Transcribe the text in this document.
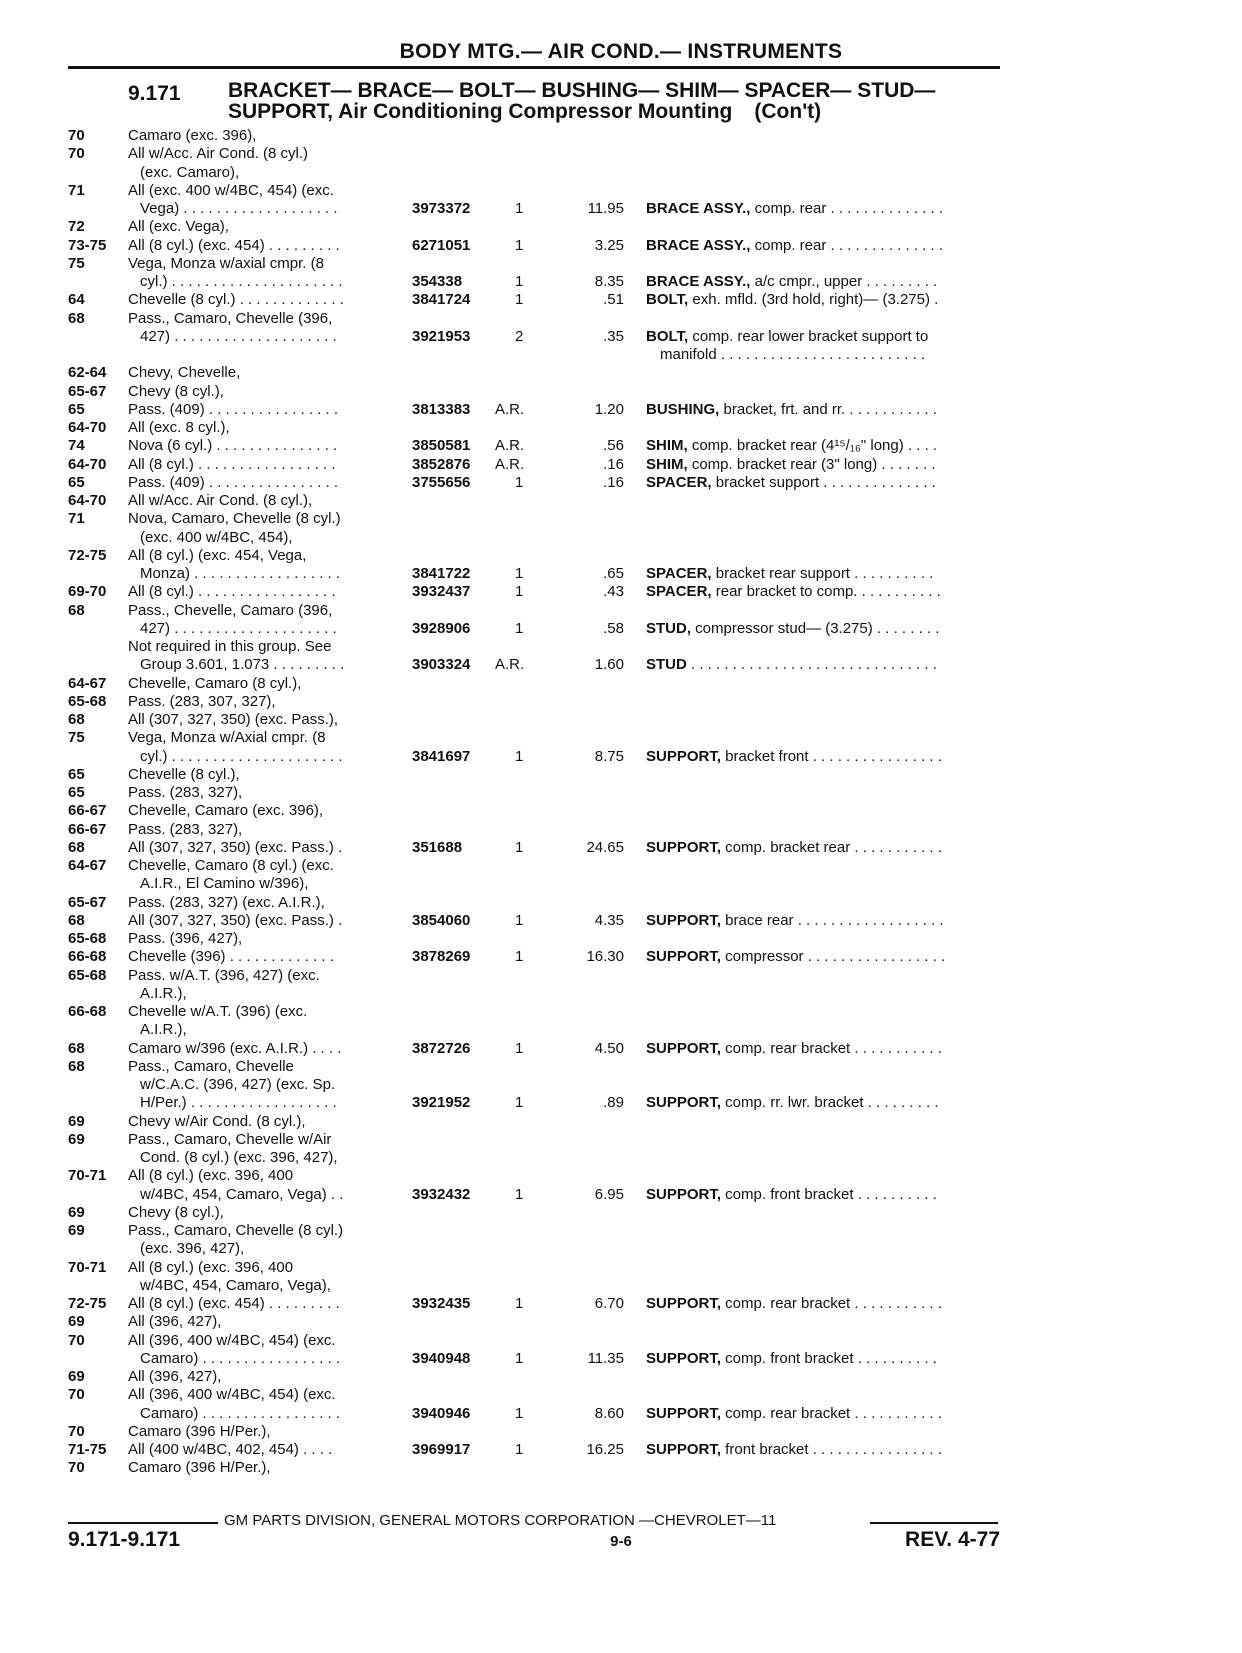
BODY MTG.— AIR COND.— INSTRUMENTS
9.171 BRACKET— BRACE— BOLT— BUSHING— SHIM— SPACER— STUD—
SUPPORT, Air Conditioning Compressor Mounting (Con't)
70	Camaro (exc. 396),
70	All w/Acc. Air Cond. (8 cyl.)
(exc. Camaro),
71	All (exc. 400 w/4BC, 454) (exc.
Vega) . . . . . . . . . . . . . . . . . . .	3973372	1	11.95 BRACE ASSY., comp. rear . . . . . . . . . . . . . .
72	All (exc. Vega),
73-75 All (8 cyl.) (exc. 454) . . . . . . . . .	6271051	1	3.25 BRACE ASSY., comp. rear . . . . . . . . . . . . . .
75	Vega, Monza w/axial cmpr. (8
cyl.) . . . . . . . . . . . . . . . . . . . . .	354338	1	8.35 BRACE ASSY., a/c cmpr., upper . . . . . . . . .
64	Chevelle (8 cyl.) . . . . . . . . . . . . .	3841724	1	.51 BOLT, exh. mfld. (3rd hold, right)— (3.275) .
68	Pass., Camaro, Chevelle (396,
427) . . . . . . . . . . . . . . . . . . . .	3921953	2	.35 BOLT, comp. rear lower bracket support to
manifold . . . . . . . . . . . . . . . . . . . . . . . . .
62-64 Chevy, Chevelle,
65-67 Chevy (8 cyl.),
65	Pass. (409) . . . . . . . . . . . . . . . .	3813383 A.R.	1.20 BUSHING, bracket, frt. and rr. . . . . . . . . . . .
64-70 All (exc. 8 cyl.),
74	Nova (6 cyl.) . . . . . . . . . . . . . . .	3850581 A.R.	.56 SHIM, comp. bracket rear (4¹⁵/₁₆" long) . . . .
64-70 All (8 cyl.) . . . . . . . . . . . . . . . . .	3852876 A.R.	.16 SHIM, comp. bracket rear (3" long) . . . . . . .
65	Pass. (409) . . . . . . . . . . . . . . . .	3755656	1	.16 SPACER, bracket support . . . . . . . . . . . . . .
64-70 All w/Acc. Air Cond. (8 cyl.),
71	Nova, Camaro, Chevelle (8 cyl.)
(exc. 400 w/4BC, 454),
72-75 All (8 cyl.) (exc. 454, Vega,
Monza) . . . . . . . . . . . . . . . . . .	3841722	1	.65 SPACER, bracket rear support . . . . . . . . . .
69-70 All (8 cyl.) . . . . . . . . . . . . . . . . .	3932437	1	.43 SPACER, rear bracket to comp. . . . . . . . . . .
68	Pass., Chevelle, Camaro (396,
427) . . . . . . . . . . . . . . . . . . . .	3928906	1	.58 STUD, compressor stud— (3.275) . . . . . . . .
Not required in this group. See
Group 3.601, 1.073 . . . . . . . . .	3903324 A.R.	1.60 STUD . . . . . . . . . . . . . . . . . . . . . . . . . . . . . .
64-67 Chevelle, Camaro (8 cyl.),
65-68 Pass. (283, 307, 327),
68	All (307, 327, 350) (exc. Pass.),
75	Vega, Monza w/Axial cmpr. (8
cyl.) . . . . . . . . . . . . . . . . . . . . .	3841697	1	8.75 SUPPORT, bracket front . . . . . . . . . . . . . . . .
65	Chevelle (8 cyl.),
65	Pass. (283, 327),
66-67 Chevelle, Camaro (exc. 396),
66-67 Pass. (283, 327),
68	All (307, 327, 350) (exc. Pass.) .	351688	1	24.65 SUPPORT, comp. bracket rear . . . . . . . . . . .
64-67 Chevelle, Camaro (8 cyl.) (exc.
A.I.R., El Camino w/396),
65-67 Pass. (283, 327) (exc. A.I.R.),
68	All (307, 327, 350) (exc. Pass.) .	3854060	1	4.35 SUPPORT, brace rear . . . . . . . . . . . . . . . . . .
65-68 Pass. (396, 427),
66-68 Chevelle (396) . . . . . . . . . . . . .	3878269	1	16.30 SUPPORT, compressor . . . . . . . . . . . . . . . . .
65-68 Pass. w/A.T. (396, 427) (exc.
A.I.R.),
66-68 Chevelle w/A.T. (396) (exc.
A.I.R.),
68	Camaro w/396 (exc. A.I.R.) . . . .	3872726	1	4.50 SUPPORT, comp. rear bracket . . . . . . . . . . .
68	Pass., Camaro, Chevelle
w/C.A.C. (396, 427) (exc. Sp.
H/Per.) . . . . . . . . . . . . . . . . . .	3921952	1	.89 SUPPORT, comp. rr. lwr. bracket . . . . . . . . .
69	Chevy w/Air Cond. (8 cyl.),
69	Pass., Camaro, Chevelle w/Air
Cond. (8 cyl.) (exc. 396, 427),
70-71 All (8 cyl.) (exc. 396, 400
w/4BC, 454, Camaro, Vega) . .	3932432	1	6.95 SUPPORT, comp. front bracket . . . . . . . . . .
69	Chevy (8 cyl.),
69	Pass., Camaro, Chevelle (8 cyl.)
(exc. 396, 427),
70-71 All (8 cyl.) (exc. 396, 400
w/4BC, 454, Camaro, Vega),
72-75 All (8 cyl.) (exc. 454) . . . . . . . . .	3932435	1	6.70 SUPPORT, comp. rear bracket . . . . . . . . . . .
69	All (396, 427),
70	All (396, 400 w/4BC, 454) (exc.
Camaro) . . . . . . . . . . . . . . . . .	3940948	1	11.35 SUPPORT, comp. front bracket . . . . . . . . . .
69	All (396, 427),
70	All (396, 400 w/4BC, 454) (exc.
Camaro) . . . . . . . . . . . . . . . . .	3940946	1	8.60 SUPPORT, comp. rear bracket . . . . . . . . . . .
70	Camaro (396 H/Per.),
71-75 All (400 w/4BC, 402, 454) . . . .	3969917	1	16.25 SUPPORT, front bracket . . . . . . . . . . . . . . . .
70	Camaro (396 H/Per.),
GM PARTS DIVISION, GENERAL MOTORS CORPORATION —CHEVROLET—11
9.171-9.171	9-6	REV. 4-77
